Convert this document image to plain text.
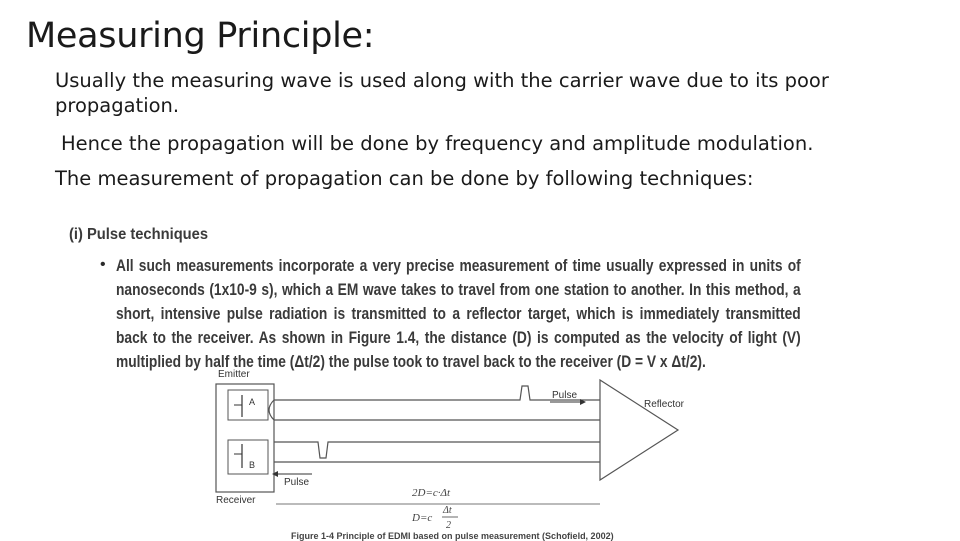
Measuring Principle:
Usually the measuring wave is used along with the carrier wave due to its poor propagation.
Hence the propagation will be done by frequency and amplitude modulation.
The measurement of propagation can be done by following techniques:
(i) Pulse techniques
• All such measurements incorporate a very precise measurement of time usually expressed in units of nanoseconds (1x10-9 s), which a EM wave takes to travel from one station to another. In this method, a short, intensive pulse radiation is transmitted to a reflector target, which is immediately transmitted back to the receiver. As shown in Figure 1.4, the distance (D) is computed as the velocity of light (V) multiplied by half the time (Δt/2) the pulse took to travel back to the receiver (D = V x Δt/2).
A
B
Emitter
Receiver
Reflector
Pulse
Pulse
2D=c·Δt
D=c
Δt
2
Figure 1-4 Principle of EDMI based on pulse measurement (Schofield, 2002)
